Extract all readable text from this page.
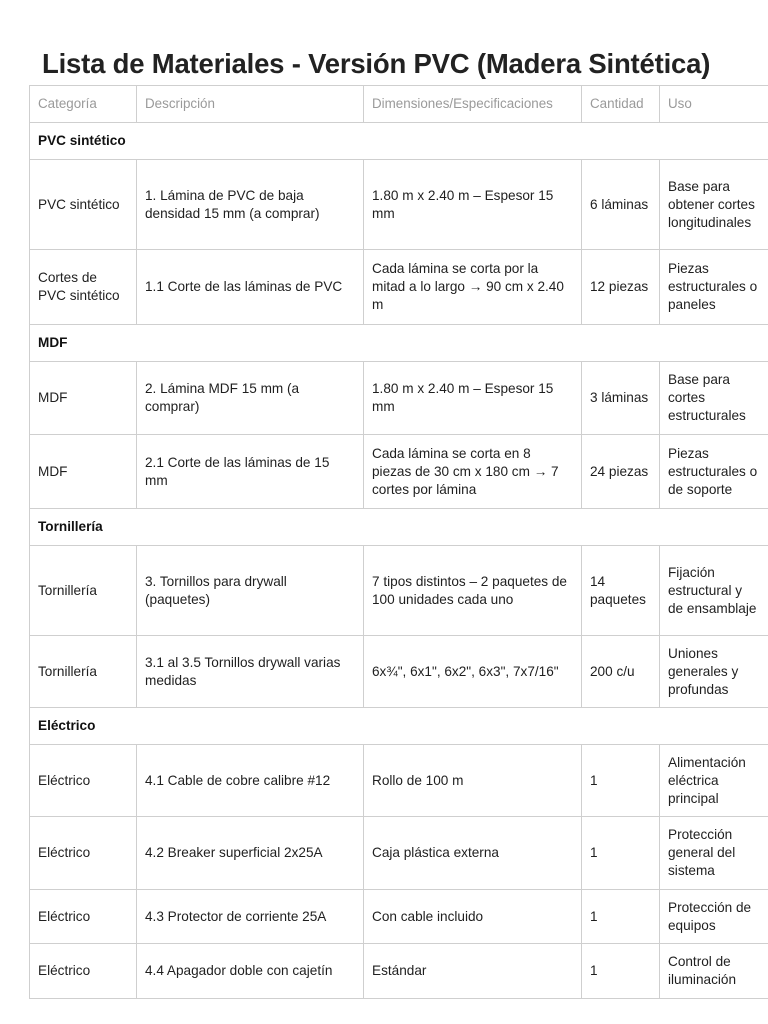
Lista de Materiales - Versión PVC (Madera Sintética)
Categoría	Descripción	Dimensiones/Especificaciones	Cantidad	Uso
PVC sintético				
PVC sintético	1. Lámina de PVC de baja densidad 15 mm (a comprar)	1.80 m x 2.40 m – Espesor 15 mm	6 láminas	Base para obtener cortes longitudinales
Cortes de PVC sintético	1.1 Corte de las láminas de PVC	Cada lámina se corta por la mitad a lo largo → 90 cm x 2.40 m	12 piezas	Piezas estructurales o paneles
MDF				
MDF	2. Lámina MDF 15 mm (a comprar)	1.80 m x 2.40 m – Espesor 15 mm	3 láminas	Base para cortes estructurales
MDF	2.1 Corte de las láminas de 15 mm	Cada lámina se corta en 8 piezas de 30 cm x 180 cm → 7 cortes por lámina	24 piezas	Piezas estructurales o de soporte
Tornillería				
Tornillería	3. Tornillos para drywall (paquetes)	7 tipos distintos – 2 paquetes de 100 unidades cada uno	14 paquetes	Fijación estructural y de ensamblaje
Tornillería	3.1 al 3.5 Tornillos drywall varias medidas	6x¾", 6x1", 6x2", 6x3", 7x7/16"	200 c/u	Uniones generales y profundas
Eléctrico				
Eléctrico	4.1 Cable de cobre calibre #12	Rollo de 100 m	1	Alimentación eléctrica principal
Eléctrico	4.2 Breaker superficial 2x25A	Caja plástica externa	1	Protección general del sistema
Eléctrico	4.3 Protector de corriente 25A	Con cable incluido	1	Protección de equipos
Eléctrico	4.4 Apagador doble con cajetín	Estándar	1	Control de iluminación
